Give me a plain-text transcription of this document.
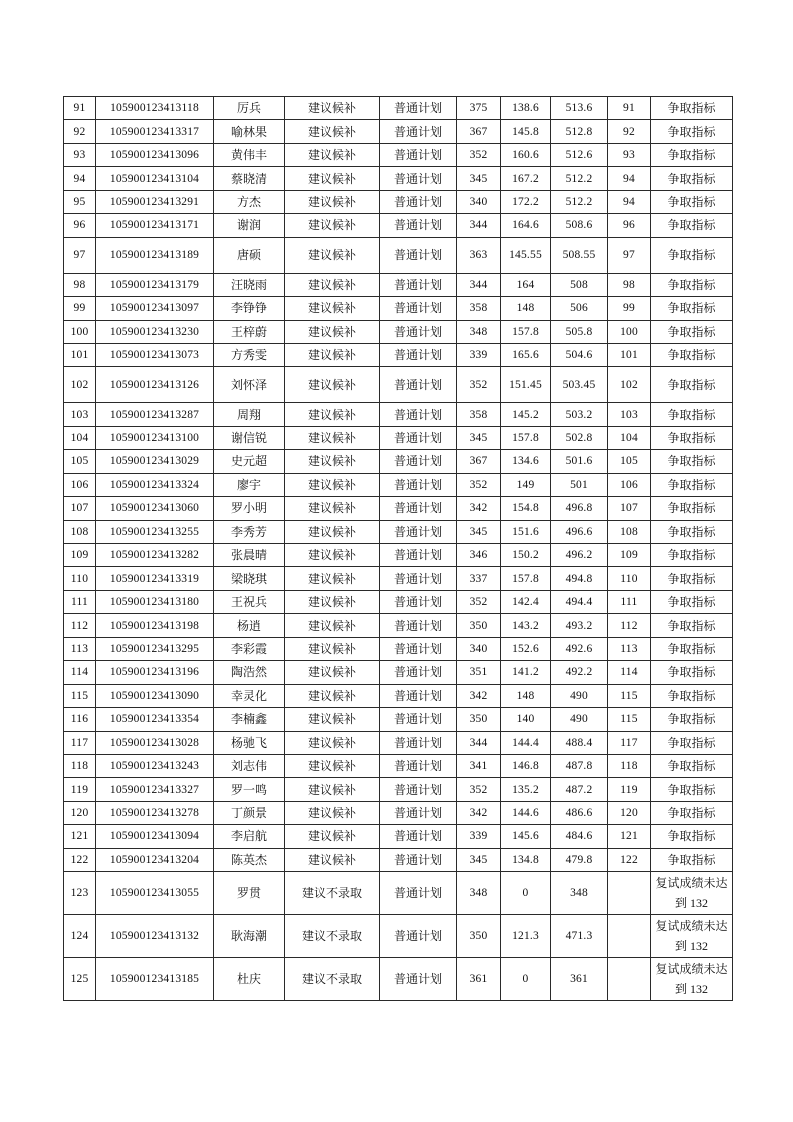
91	105900123413118	厉兵	建议候补	普通计划	375	138.6	513.6	91	争取指标
92	105900123413317	喻林果	建议候补	普通计划	367	145.8	512.8	92	争取指标
93	105900123413096	黄伟丰	建议候补	普通计划	352	160.6	512.6	93	争取指标
94	105900123413104	蔡晓清	建议候补	普通计划	345	167.2	512.2	94	争取指标
95	105900123413291	方杰	建议候补	普通计划	340	172.2	512.2	94	争取指标
96	105900123413171	谢润	建议候补	普通计划	344	164.6	508.6	96	争取指标
97	105900123413189	唐硕	建议候补	普通计划	363	145.55	508.55	97	争取指标
98	105900123413179	汪晓雨	建议候补	普通计划	344	164	508	98	争取指标
99	105900123413097	李铮铮	建议候补	普通计划	358	148	506	99	争取指标
100	105900123413230	王梓蔚	建议候补	普通计划	348	157.8	505.8	100	争取指标
101	105900123413073	方秀雯	建议候补	普通计划	339	165.6	504.6	101	争取指标
102	105900123413126	刘怀泽	建议候补	普通计划	352	151.45	503.45	102	争取指标
103	105900123413287	周翔	建议候补	普通计划	358	145.2	503.2	103	争取指标
104	105900123413100	谢信锐	建议候补	普通计划	345	157.8	502.8	104	争取指标
105	105900123413029	史元超	建议候补	普通计划	367	134.6	501.6	105	争取指标
106	105900123413324	廖宇	建议候补	普通计划	352	149	501	106	争取指标
107	105900123413060	罗小明	建议候补	普通计划	342	154.8	496.8	107	争取指标
108	105900123413255	李秀芳	建议候补	普通计划	345	151.6	496.6	108	争取指标
109	105900123413282	张晨晴	建议候补	普通计划	346	150.2	496.2	109	争取指标
110	105900123413319	梁晓琪	建议候补	普通计划	337	157.8	494.8	110	争取指标
111	105900123413180	王祝兵	建议候补	普通计划	352	142.4	494.4	111	争取指标
112	105900123413198	杨逍	建议候补	普通计划	350	143.2	493.2	112	争取指标
113	105900123413295	李彩霞	建议候补	普通计划	340	152.6	492.6	113	争取指标
114	105900123413196	陶浩然	建议候补	普通计划	351	141.2	492.2	114	争取指标
115	105900123413090	幸灵化	建议候补	普通计划	342	148	490	115	争取指标
116	105900123413354	李楠鑫	建议候补	普通计划	350	140	490	115	争取指标
117	105900123413028	杨驰飞	建议候补	普通计划	344	144.4	488.4	117	争取指标
118	105900123413243	刘志伟	建议候补	普通计划	341	146.8	487.8	118	争取指标
119	105900123413327	罗一鸣	建议候补	普通计划	352	135.2	487.2	119	争取指标
120	105900123413278	丁颜景	建议候补	普通计划	342	144.6	486.6	120	争取指标
121	105900123413094	李启航	建议候补	普通计划	339	145.6	484.6	121	争取指标
122	105900123413204	陈英杰	建议候补	普通计划	345	134.8	479.8	122	争取指标
123	105900123413055	罗贯	建议不录取	普通计划	348	0	348		复试成绩未达到 132
124	105900123413132	耿海潮	建议不录取	普通计划	350	121.3	471.3		复试成绩未达到 132
125	105900123413185	杜庆	建议不录取	普通计划	361	0	361		复试成绩未达到 132
